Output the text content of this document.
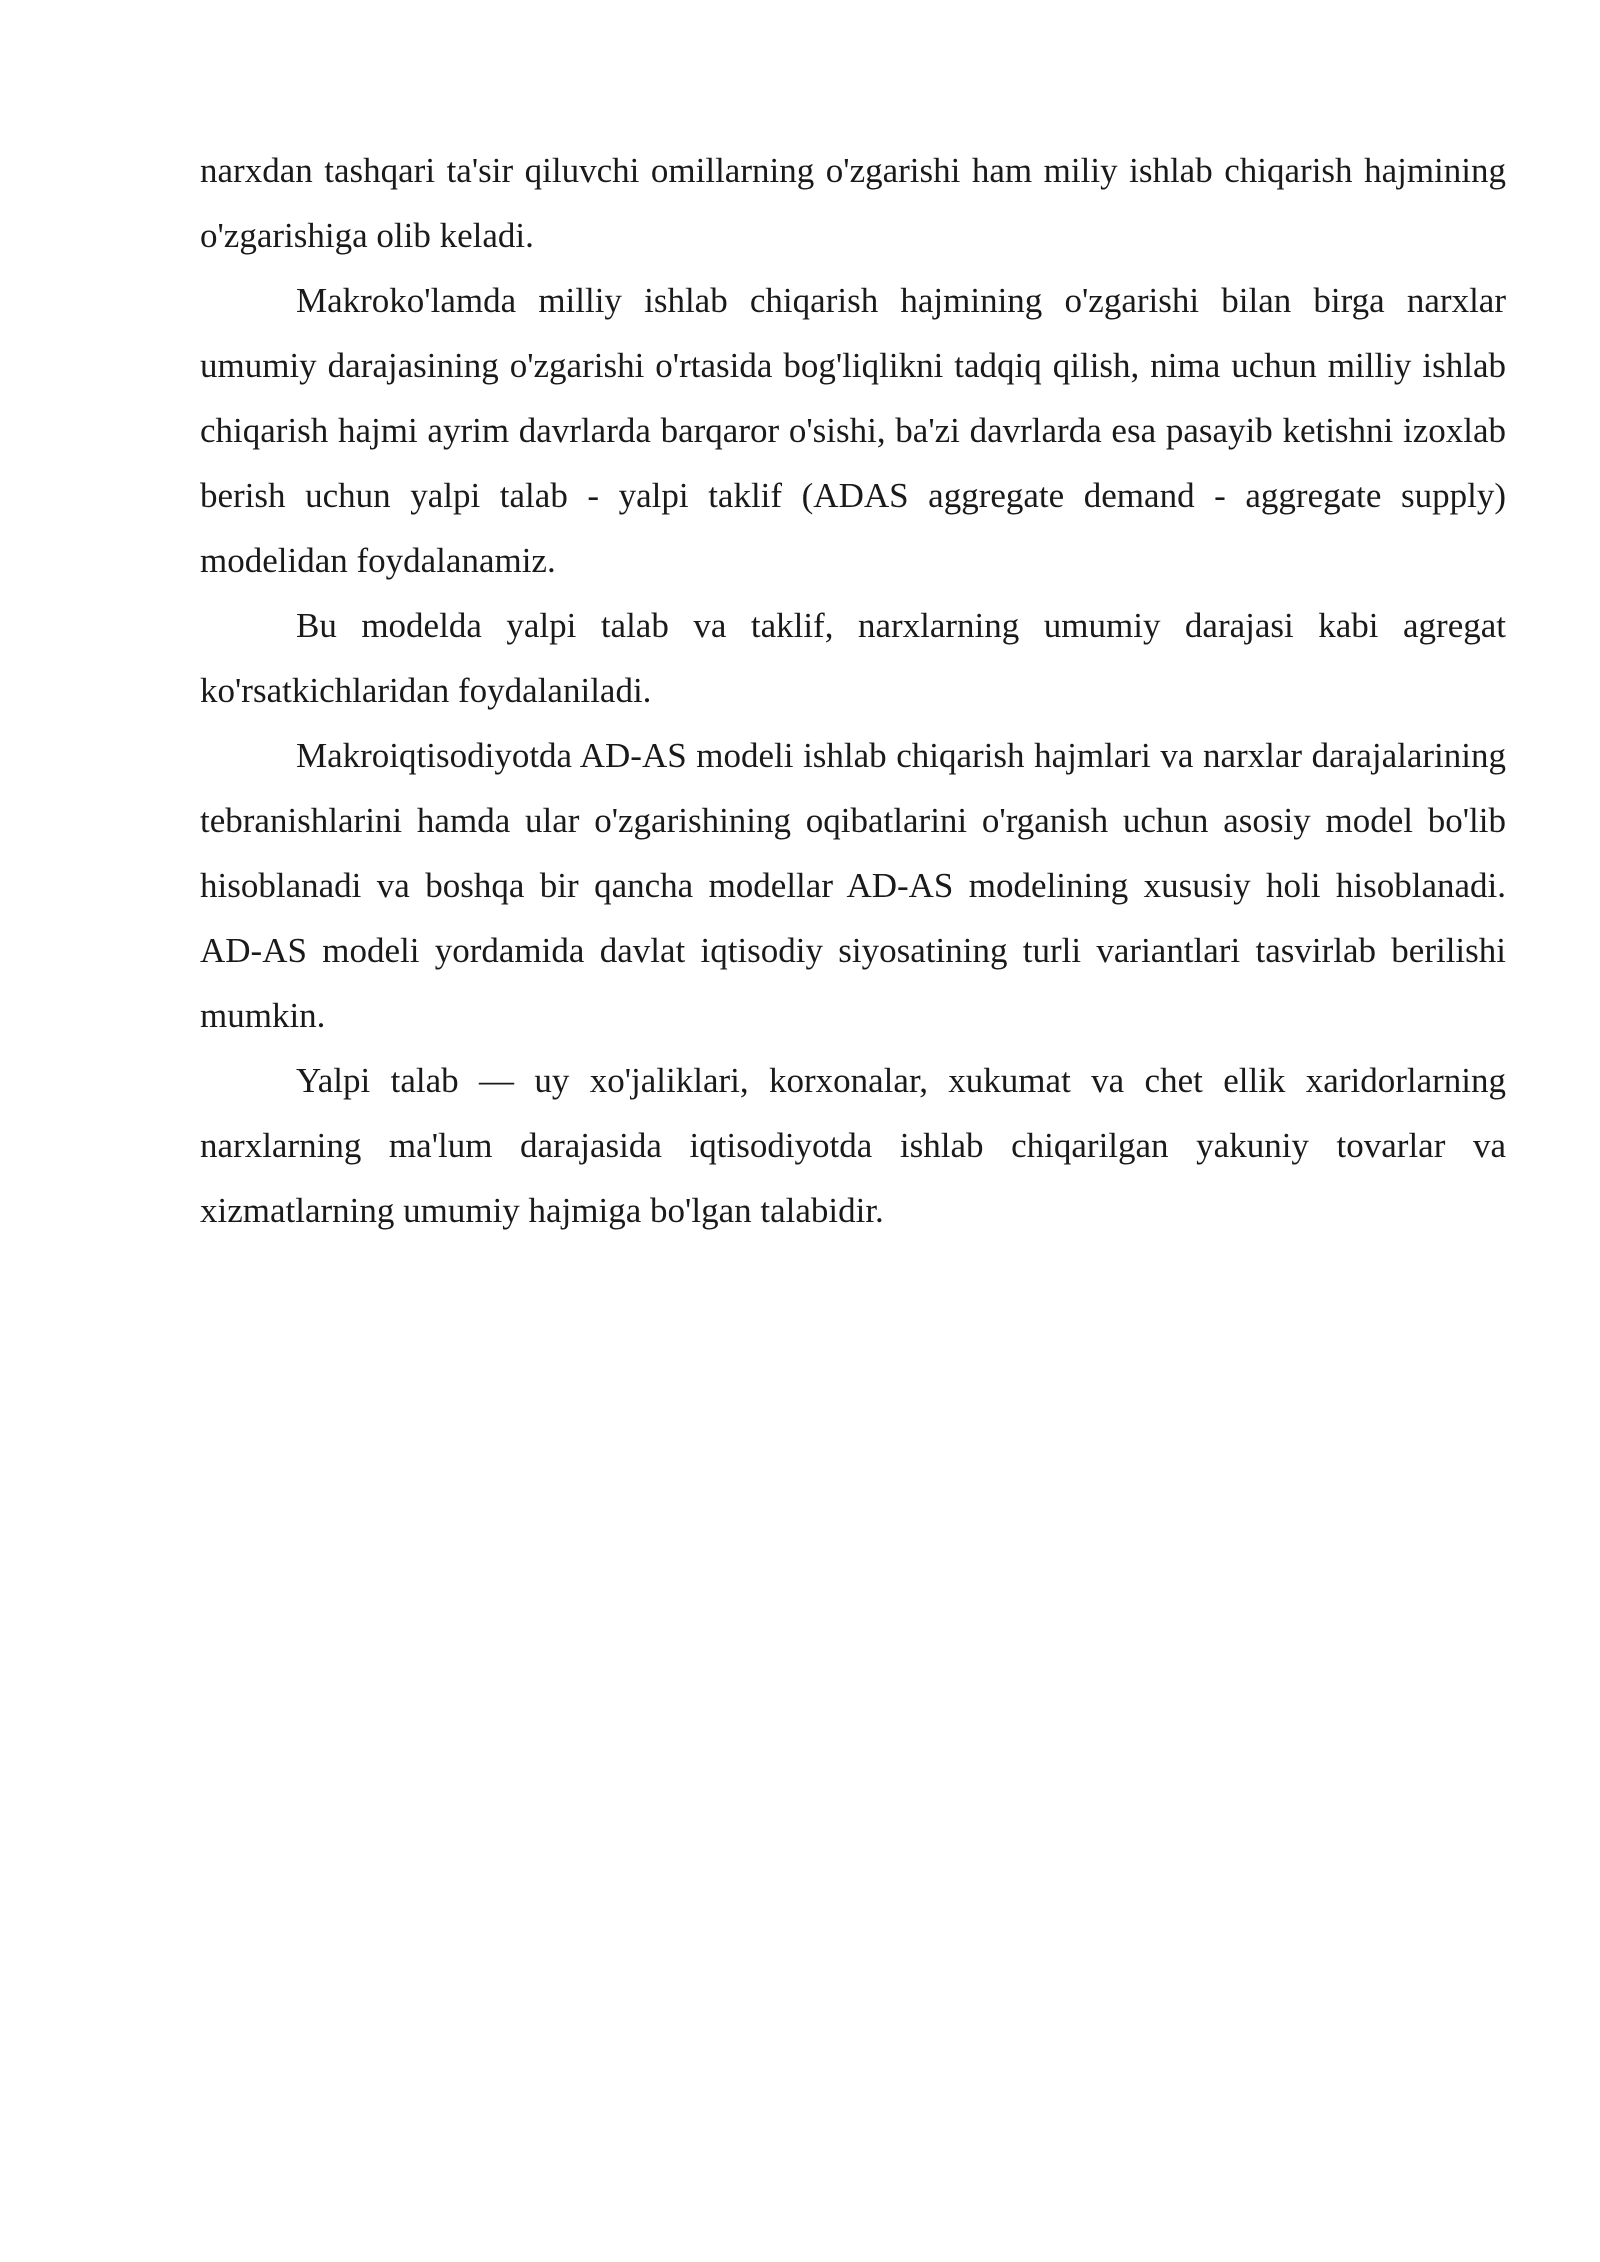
narxdan tashqari ta'sir qiluvchi omillarning o'zgarishi ham miliy ishlab chiqarish hajmining o'zgarishiga olib keladi.

Makroko'lamda milliy ishlab chiqarish hajmining o'zgarishi bilan birga narxlar umumiy darajasining o'zgarishi o'rtasida bog'liqlikni tadqiq qilish, nima uchun milliy ishlab chiqarish hajmi ayrim davrlarda barqaror o'sishi, ba'zi davrlarda esa pasayib ketishni izoxlab berish uchun yalpi talab - yalpi taklif (ADAS aggregate demand - aggregate supply) modelidan foydalanamiz.

Bu modelda yalpi talab va taklif, narxlarning umumiy darajasi kabi agregat ko'rsatkichlaridan foydalaniladi.

Makroiqtisodiyotda AD-AS modeli ishlab chiqarish hajmlari va narxlar darajalarining tebranishlarini hamda ular o'zgarishining oqibatlarini o'rganish uchun asosiy model bo'lib hisoblanadi va boshqa bir qancha modellar AD-AS modelining xususiy holi hisoblanadi. AD-AS modeli yordamida davlat iqtisodiy siyosatining turli variantlari tasvirlab berilishi mumkin.

Yalpi talab — uy xo'jaliklari, korxonalar, xukumat va chet ellik xaridorlarning narxlarning ma'lum darajasida iqtisodiyotda ishlab chiqarilgan yakuniy tovarlar va xizmatlarning umumiy hajmiga bo'lgan talabidir.
